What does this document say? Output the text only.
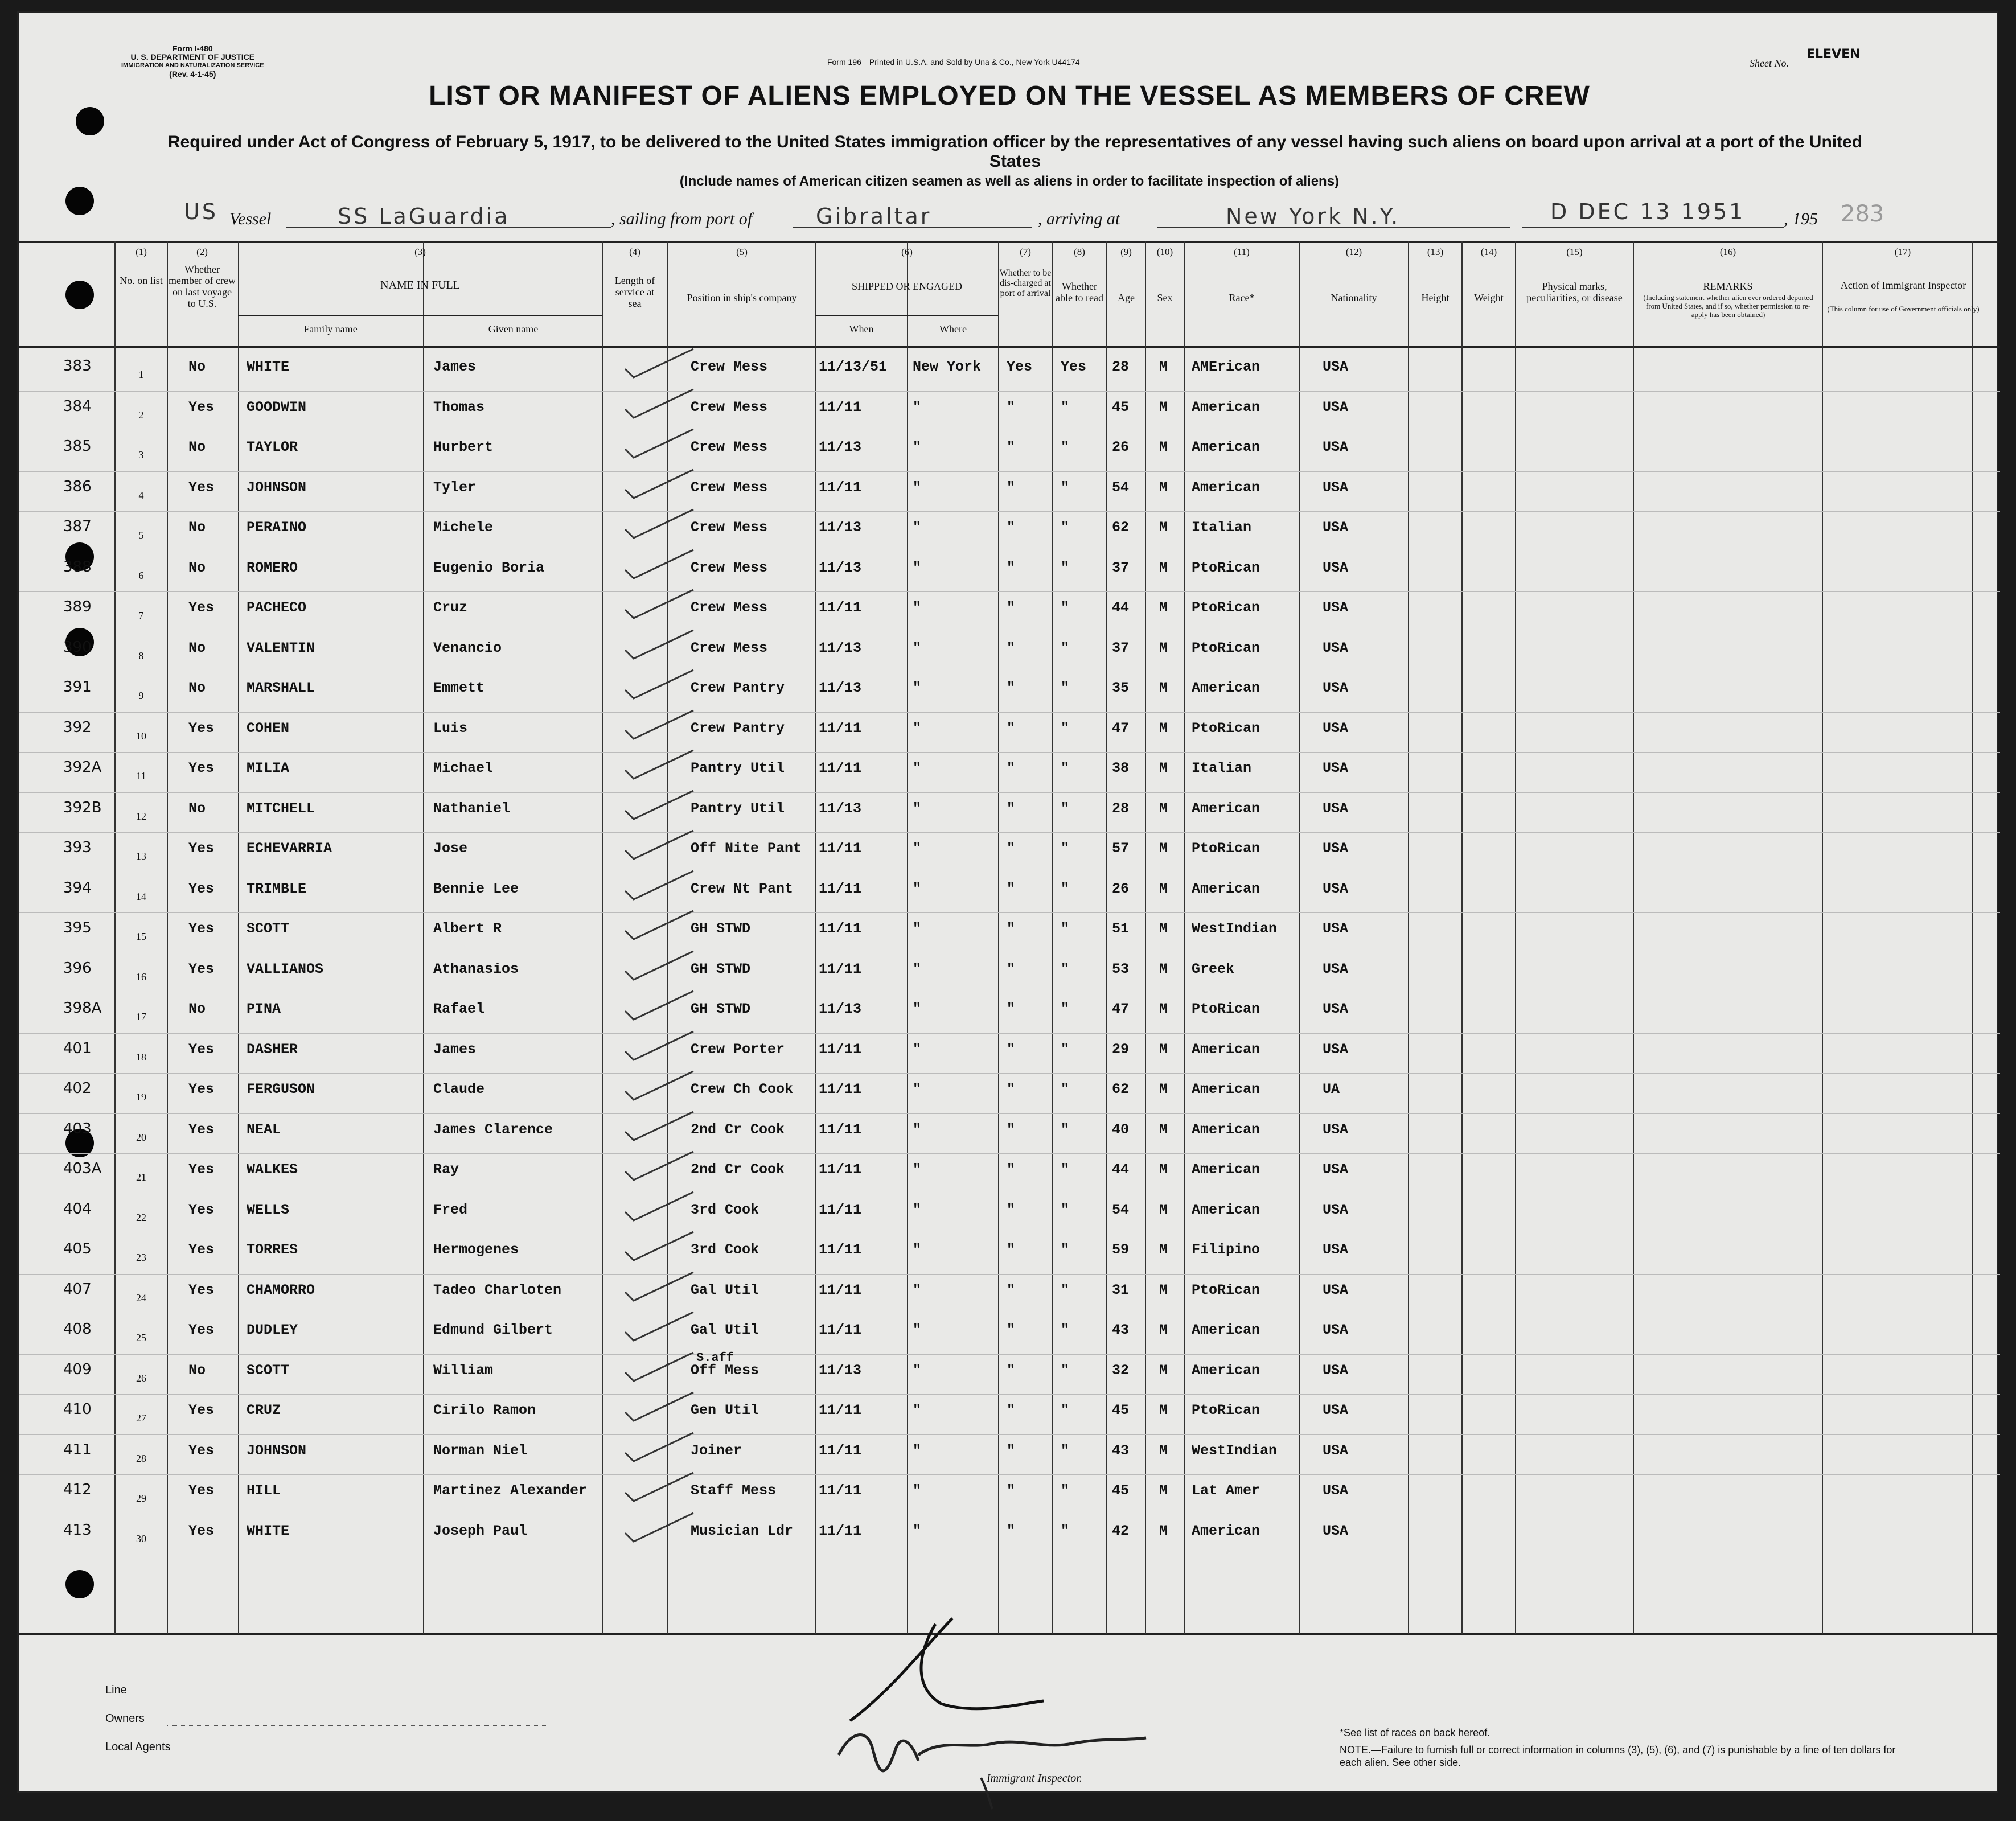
Form I-480
U. S. DEPARTMENT OF JUSTICE
IMMIGRATION AND NATURALIZATION SERVICE
(Rev. 4-1-45)
Form 196—Printed in U.S.A. and Sold by Una & Co., New York U44174	Sheet No.
ELEVEN
283
LIST OR MANIFEST OF ALIENS EMPLOYED ON THE VESSEL AS MEMBERS OF CREW
Required under Act of Congress of February 5, 1917, to be delivered to the United States immigration officer by the representatives of any vessel having such aliens on board upon arrival at a port of the United States
(Include names of American citizen seamen as well as aliens in order to facilitate inspection of aliens)
US Vessel	SS LaGuardia	, sailing from port of	Gibraltar	, arriving at	New York N.Y.	D DEC 13 1951 , 195
(1)
No. on list
(2)
Whether member of crew on last voyage to U.S.
(3)
NAME IN FULL
Family name	Given name
(4)
Length of service at sea
(5)
Position in ship's company
(6)
SHIPPED OR ENGAGED
When	Where
(7)
Whether to be dis-charged at port of arrival
(8)
Whether able to read
(9)
Age
(10)
Sex
(11)
Race*
(12)
Nationality
(13)
Height
(14)
Weight
(15)
Physical marks, peculiarities, or disease
(16)
REMARKS
(Including statement whether alien ever ordered deported from United States, and if so, whether permission to re-apply has been obtained)
(17)
Action of Immigrant Inspector
(This column for use of Government officials only)
383	1	No	WHITE	James	Crew Mess	11/13/51 New York Yes Yes 28 M AMErican	USA
384	2	Yes GOODWIN	Thomas	Crew Mess	11/11	"	"	"	45 M American	USA
385	3	No	TAYLOR	Hurbert	Crew Mess	11/13	"	"	"	26 M American	USA
386	4	Yes JOHNSON	Tyler	Crew Mess	11/11	"	"	"	54 M American	USA
387	5	No	PERAINO	Michele	Crew Mess	11/13	"	"	"	62 M Italian	USA
388	6	No	ROMERO	Eugenio Boria	Crew Mess	11/13	"	"	"	37 M PtoRican	USA
389	7	Yes PACHECO	Cruz	Crew Mess	11/11	"	"	"	44 M PtoRican	USA
390	8	No	VALENTIN	Venancio	Crew Mess	11/13	"	"	"	37 M PtoRican	USA
391	9	No	MARSHALL	Emmett	Crew Pantry 11/13	"	"	"	35 M American	USA
392	10	Yes COHEN	Luis	Crew Pantry 11/11	"	"	"	47 M PtoRican	USA
392A	11	Yes MILIA	Michael	Pantry Util 11/11	"	"	"	38 M Italian	USA
392B	12	No	MITCHELL	Nathaniel	Pantry Util 11/13	"	"	"	28 M American	USA
393	13	Yes ECHEVARRIA	Jose	Off Nite Pant 11/11	"	"	"	57 M PtoRican	USA
394	14	Yes TRIMBLE	Bennie Lee	Crew Nt Pant 11/11	"	"	"	26 M American	USA
395	15	Yes SCOTT	Albert R	GH STWD	11/11	"	"	"	51 M WestIndian	USA
396	16	Yes VALLIANOS	Athanasios	GH STWD	11/11	"	"	"	53 M Greek	USA
398A	17	No	PINA	Rafael	GH STWD	11/13	"	"	"	47 M PtoRican	USA
401	18	Yes DASHER	James	Crew Porter 11/11	"	"	"	29 M American	USA
402	19	Yes FERGUSON	Claude	Crew Ch Cook 11/11	"	"	"	62 M American	UA
403	20	Yes NEAL	James Clarence	2nd Cr Cook 11/11	"	"	"	40 M American	USA
403A	21	Yes WALKES	Ray	2nd Cr Cook 11/11	"	"	"	44 M American	USA
404	22	Yes WELLS	Fred	3rd Cook	11/11	"	"	"	54 M American	USA
405	23	Yes TORRES	Hermogenes	3rd Cook	11/11	"	"	"	59 M Filipino	USA
407	24	Yes CHAMORRO	Tadeo Charloten	Gal Util	11/11	"	"	"	31 M PtoRican	USA
408	25	Yes DUDLEY	Edmund Gilbert	Gal Util	11/11	"	"	"	43 M American	USA
409	26	No	SCOTT	William	Off Mess	11/13	"	"	"	32 M American	USA
S.aff
410	27	Yes CRUZ	Cirilo Ramon	Gen Util	11/11	"	"	"	45 M PtoRican	USA
411	28	Yes JOHNSON	Norman Niel	Joiner	11/11	"	"	"	43 M WestIndian	USA
412	29	Yes HILL	Martinez Alexander	Staff Mess	11/11	"	"	"	45 M Lat Amer	USA
413	30	Yes WHITE	Joseph Paul	Musician Ldr 11/11	"	"	"	42 M American	USA
Line
Owners
Local Agents
Immigrant Inspector.
*See list of races on back hereof.
NOTE.—Failure to furnish full or correct information in columns (3), (5), (6), and (7) is punishable by a fine of ten dollars for each alien. See other side.
